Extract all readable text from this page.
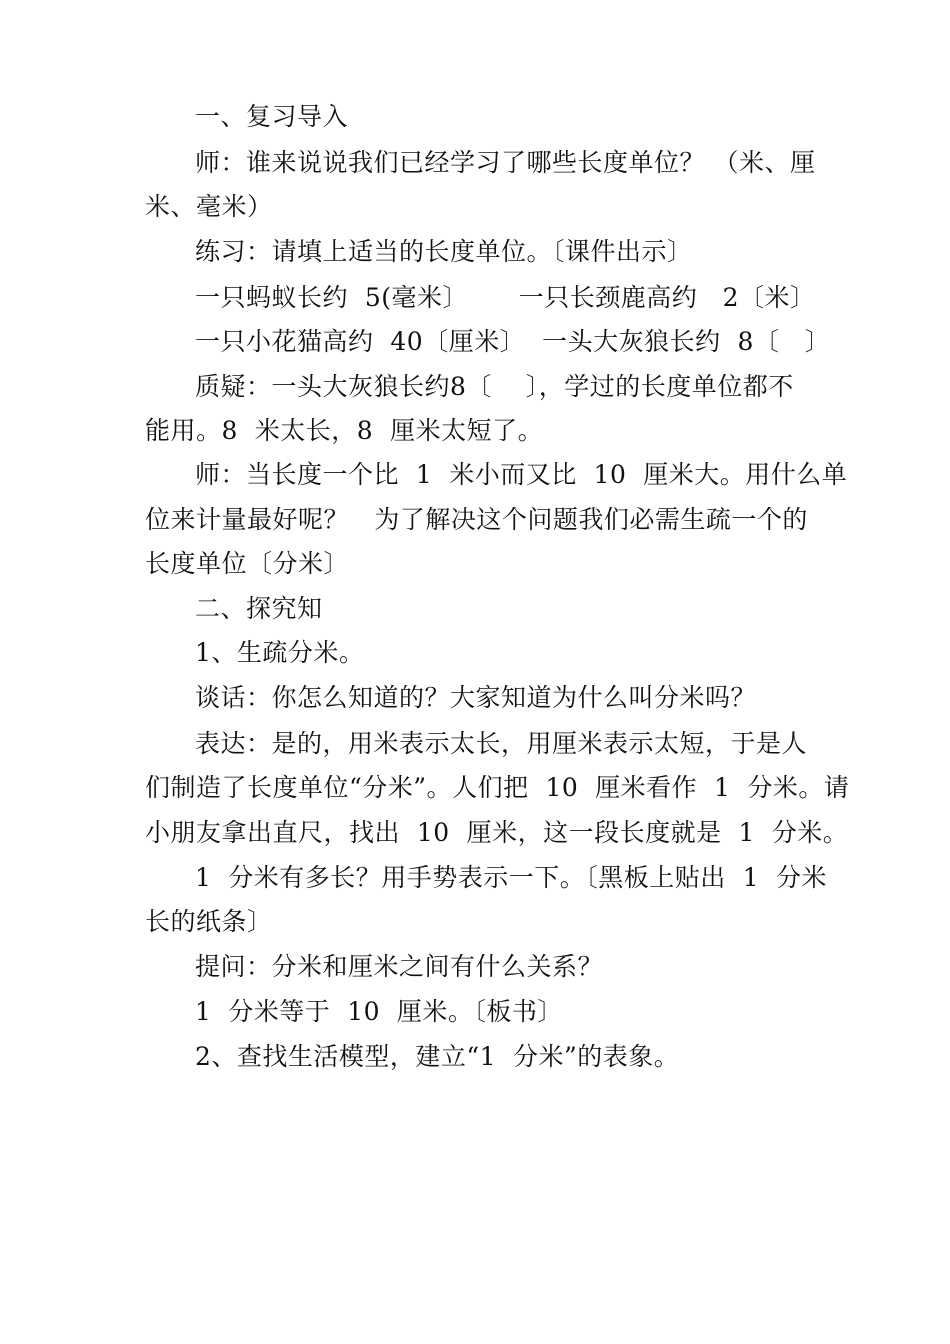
一、复习导入
师：谁来说说我们已经学习了哪些长度单位？ （米、厘
米、毫米）
练习：请填上适当的长度单位。〔课件出示〕
一只蚂蚁长约  5(毫米〕      一只长颈鹿高约   2〔米〕
一只小花猫高约  40〔厘米〕  一头大灰狼长约  8〔   〕
质疑：一头大灰狼长约8〔    〕，学过的长度单位都不
能用。8  米太长，8  厘米太短了。
师：当长度一个比  1  米小而又比  10  厘米大。用什么单
位来计量最好呢？   为了解决这个问题我们必需生疏一个的
长度单位〔分米〕
二、探究知
1、生疏分米。
谈话：你怎么知道的？大家知道为什么叫分米吗？
表达：是的，用米表示太长，用厘米表示太短，于是人
们制造了长度单位“分米”。人们把  10  厘米看作  1  分米。请
小朋友拿出直尺，找出  10  厘米，这一段长度就是  1  分米。
1  分米有多长？用手势表示一下。〔黑板上贴出  1  分米
长的纸条〕
提问：分米和厘米之间有什么关系？
1  分米等于  10  厘米。〔板书〕
2、查找生活模型，建立“1  分米”的表象。
